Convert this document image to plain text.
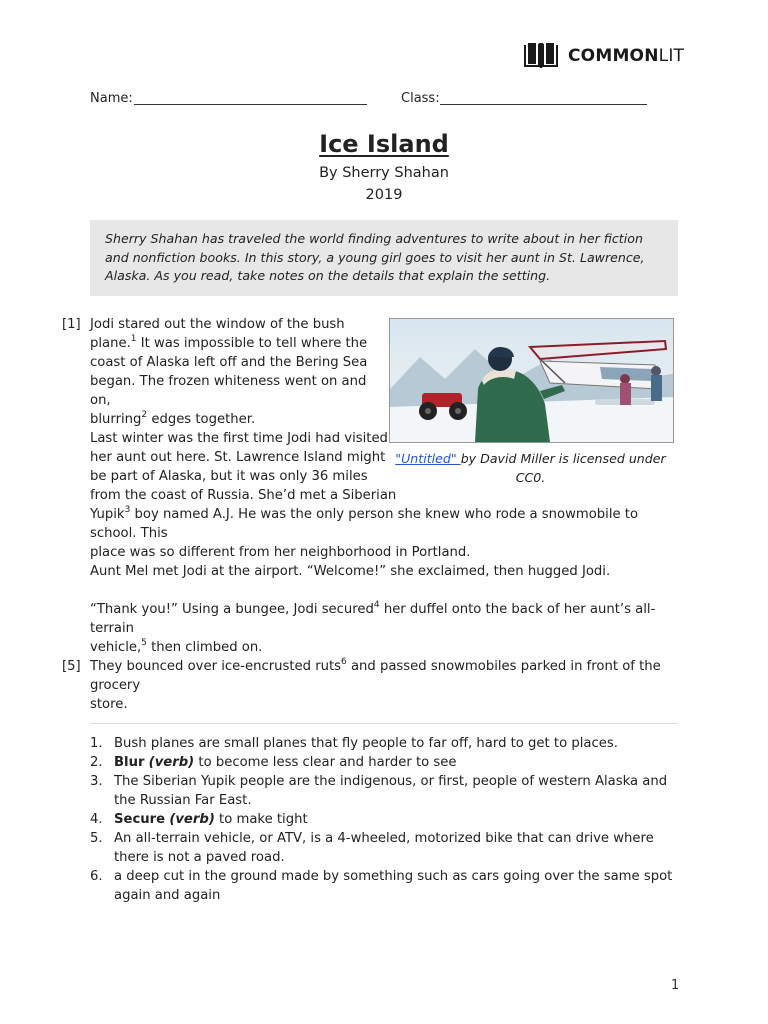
COMMONLIT
Name:	Class:
Ice Island
By Sherry Shahan
2019
Sherry Shahan has traveled the world finding adventures to write about in her fiction and nonfiction books. In this story, a young girl goes to visit her aunt in St. Lawrence, Alaska. As you read, take notes on the details that explain the setting.
[1] Jodi stared out the window of the bush
plane.$^1$ It was impossible to tell where the
coast of Alaska left off and the Bering Sea
began. The frozen whiteness went on and on,
blurring$^2$ edges together.
Last winter was the first time Jodi had visited
her aunt out here. St. Lawrence Island might
be part of Alaska, but it was only 36 miles
from the coast of Russia. She’d met a Siberian
Yupik$^3$ boy named A.J. He was the only person she knew who rode a snowmobile to school. This
place was so different from her neighborhood in Portland.
"Untitled" by David Miller is licensed under
CC0.
Aunt Mel met Jodi at the airport. “Welcome!” she exclaimed, then hugged Jodi.
“Thank you!” Using a bungee, Jodi secured$^4$ her duffel onto the back of her aunt’s all-terrain
vehicle,$^5$ then climbed on.
[5] They bounced over ice-encrusted ruts$^6$ and passed snowmobiles parked in front of the grocery
store.
1. Bush planes are small planes that fly people to far off, hard to get to places.
2. Blur (verb) to become less clear and harder to see
3. The Siberian Yupik people are the indigenous, or first, people of western Alaska and the Russian Far East.
4. Secure (verb) to make tight
5. An all-terrain vehicle, or ATV, is a 4-wheeled, motorized bike that can drive where there is not a paved road.
6. a deep cut in the ground made by something such as cars going over the same spot again and again
1
